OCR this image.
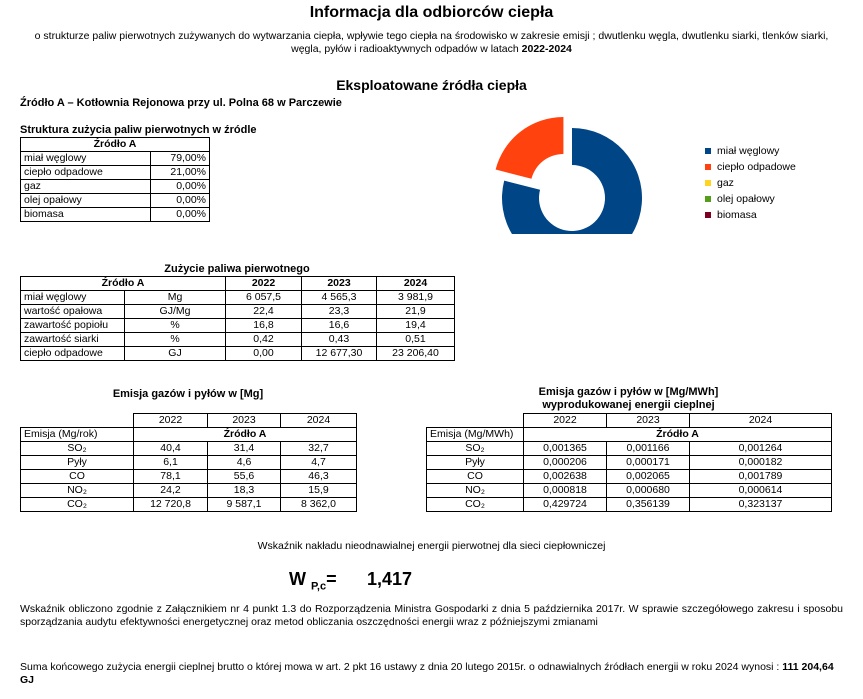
Informacja dla odbiorców ciepła
o strukturze paliw pierwotnych zużywanych do wytwarzania ciepła, wpływie tego ciepła na środowisko w zakresie emisji ; dwutlenku węgla, dwutlenku siarki, tlenków siarki, węgla, pyłów i radioaktywnych odpadów w latach 2022-2024
Eksploatowane źródła ciepła
Źródło A – Kotłownia Rejonowa przy ul. Polna 68 w Parczewie
Struktura zużycia paliw pierwotnych w źródle
Źródło A	
miał węglowy	79,00%
ciepło odpadowe	21,00%
gaz	0,00%
olej opałowy	0,00%
biomasa	0,00%
miał węglowy
ciepło odpadowe
gaz
olej opałowy
biomasa
Zużycie paliwa pierwotnego
Źródło A		2022	2023	2024
miał węglowy	Mg	6 057,5	4 565,3	3 981,9
wartość opałowa	GJ/Mg	22,4	23,3	21,9
zawartość popiołu	%	16,8	16,6	19,4
zawartość siarki	%	0,42	0,43	0,51
ciepło odpadowe	GJ	0,00	12 677,30	23 206,40
Emisja gazów i pyłów w [Mg]
	2022	2023	2024
Emisja (Mg/rok)	Źródło A		
SO₂	40,4	31,4	32,7
Pyły	6,1	4,6	4,7
CO	78,1	55,6	46,3
NO₂	24,2	18,3	15,9
CO₂	12 720,8	9 587,1	8 362,0
Emisja gazów i pyłów w [Mg/MWh]
wyprodukowanej energii cieplnej
	2022	2023	2024
Emisja (Mg/MWh)	Źródło A		
SO₂	0,001365	0,001166	0,001264
Pyły	0,000206	0,000171	0,000182
CO	0,002638	0,002065	0,001789
NO₂	0,000818	0,000680	0,000614
CO₂	0,429724	0,356139	0,323137
Wskaźnik nakładu nieodnawialnej energii pierwotnej dla sieci ciepłowniczej
W $_{P,c}$= 1,417
Wskaźnik obliczono zgodnie z Załącznikiem nr 4 punkt 1.3 do Rozporządzenia Ministra Gospodarki z dnia 5 października 2017r. W sprawie szczegółowego zakresu i sposobu sporządzania audytu efektywności energetycznej oraz metod obliczania oszczędności energii wraz z późniejszymi zmianami
Suma końcowego zużycia energii cieplnej brutto o której mowa w art. 2 pkt 16 ustawy z dnia 20 lutego 2015r. o odnawialnych źródłach energii w roku 2024 wynosi : 111 204,64 GJ
